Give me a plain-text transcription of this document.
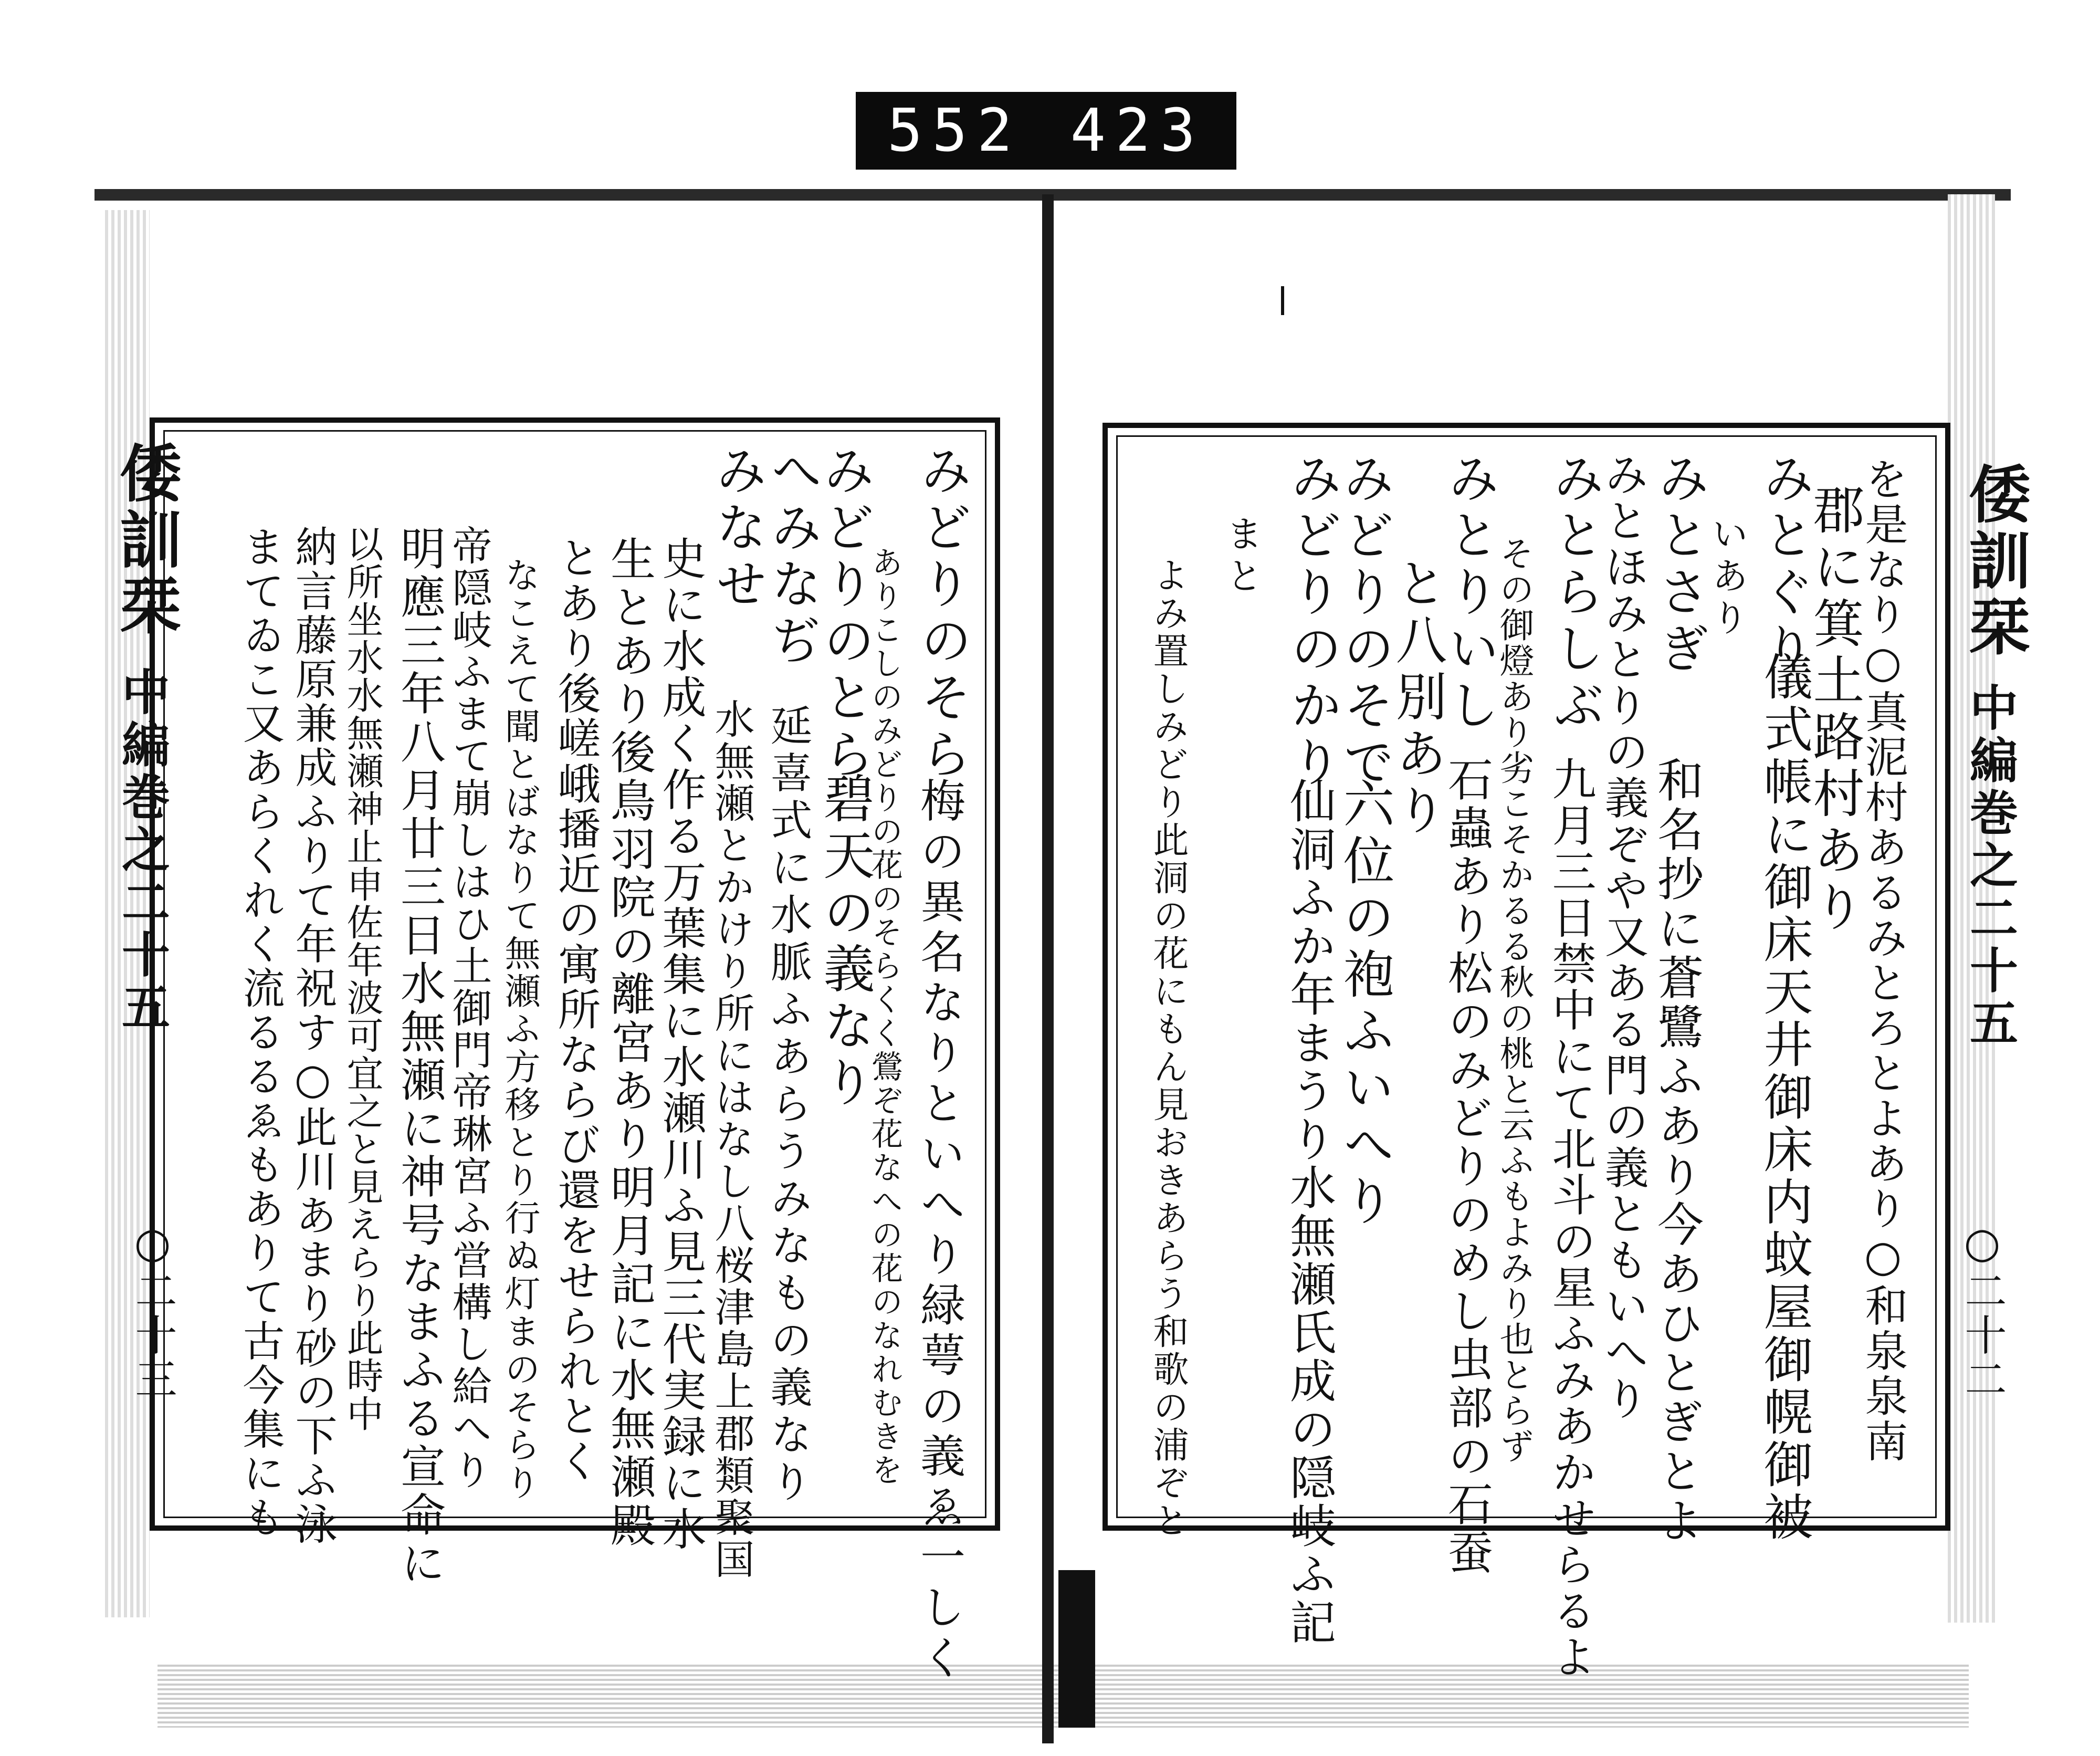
552 423
倭訓栞
中編巻之二十五
○二十三
みどりのそら
梅の異名なりといへり緑萼の義ゑ一しく
ありこしのみどりの花のそらくく鶯ぞ花なへの花のなれむきを
みどりのとら
碧天の義なり
へみなぢ
延喜式に水脈ふあらうみなもの義なり
みなせ
水無瀬とかけり所にはなし八桜津島上郡類聚国
史に水成く作る万葉集に水瀬川ふ見三代実録に水
生とあり後鳥羽院の離宮あり明月記に水無瀬殿
とあり後嵯峨播近の寓所ならび還をせられとく
なこえて聞とばなりて無瀬ふ方移とり行ぬ灯まのそらり
帝隠岐ふまて崩しはひ土御門帝琳宮ふ営構し給へり
明應三年八月廿三日水無瀬に神号なまふる宣命に
以所坐水水無瀬神止申佐年波可宜之と見えらり此時中
納言藤原兼成ふりて年祝す○此川あまり砂の下ふ泳
まてゐこ又あらくれく流るるゑもありて古今集にも	倭訓栞
中編巻之二十五
○二十二
を是なり○真泥村あるみとろとよあり○和泉泉南
郡に箕土路村あり
みとぐり
儀式帳に御床天井御床内蚊屋御幌御被
いあり
みとさぎ
和名抄に蒼鷺ふあり今あひとぎとよ
みとほみとりの義ぞや又ある門の義ともいへり
みとらしぶ
九月三日禁中にて北斗の星ふみあかせらるよ
その御燈あり劣こそかるる秋の桃と云ふもよみり也とらず
みとりいし
石蟲あり松のみどりのめし虫部の石蚕
と八別あり
みどりのそで
六位の袍ふいへり
みどりのかり
仙洞ふか年まうり水無瀬氏成の隠岐ふ記
まと
よみ置しみどり此洞の花にもん見おきあらう和歌の浦ぞと
